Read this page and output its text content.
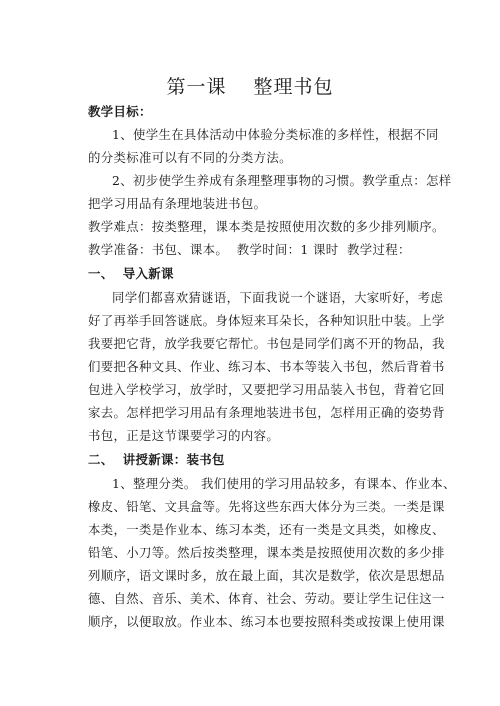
第一课　 整理书包
教学目标：
1、使学生在具体活动中体验分类标准的多样性，根据不同
的分类标准可以有不同的分类方法。
2、初步使学生养成有条理整理事物的习惯。教学重点：怎样
把学习用品有条理地装进书包。
教学难点：按类整理，课本类是按照使用次数的多少排列顺序。
教学准备：书包、课本。  教学时间：1 课时  教学过程：
一、  导入新课
同学们都喜欢猜谜语，下面我说一个谜语，大家听好，考虑
好了再举手回答谜底。身体短来耳朵长，各种知识肚中装。上学
我要把它背，放学我要它帮忙。书包是同学们离不开的物品，我
们要把各种文具、作业、练习本、书本等装入书包，然后背着书
包进入学校学习，放学时，又要把学习用品装入书包，背着它回
家去。怎样把学习用品有条理地装进书包，怎样用正确的姿势背
书包，正是这节课要学习的内容。
二、  讲授新课：装书包
1、整理分类。 我们使用的学习用品较多，有课本、作业本、
橡皮、铅笔、文具盒等。先将这些东西大体分为三类。一类是课
本类，一类是作业本、练习本类，还有一类是文具类，如橡皮、
铅笔、小刀等。然后按类整理，课本类是按照使用次数的多少排
列顺序，语文课时多，放在最上面，其次是数学，依次是思想品
德、自然、音乐、美术、体育、社会、劳动。要让学生记住这一
顺序，以便取放。作业本、练习本也要按照科类或按课上使用课
